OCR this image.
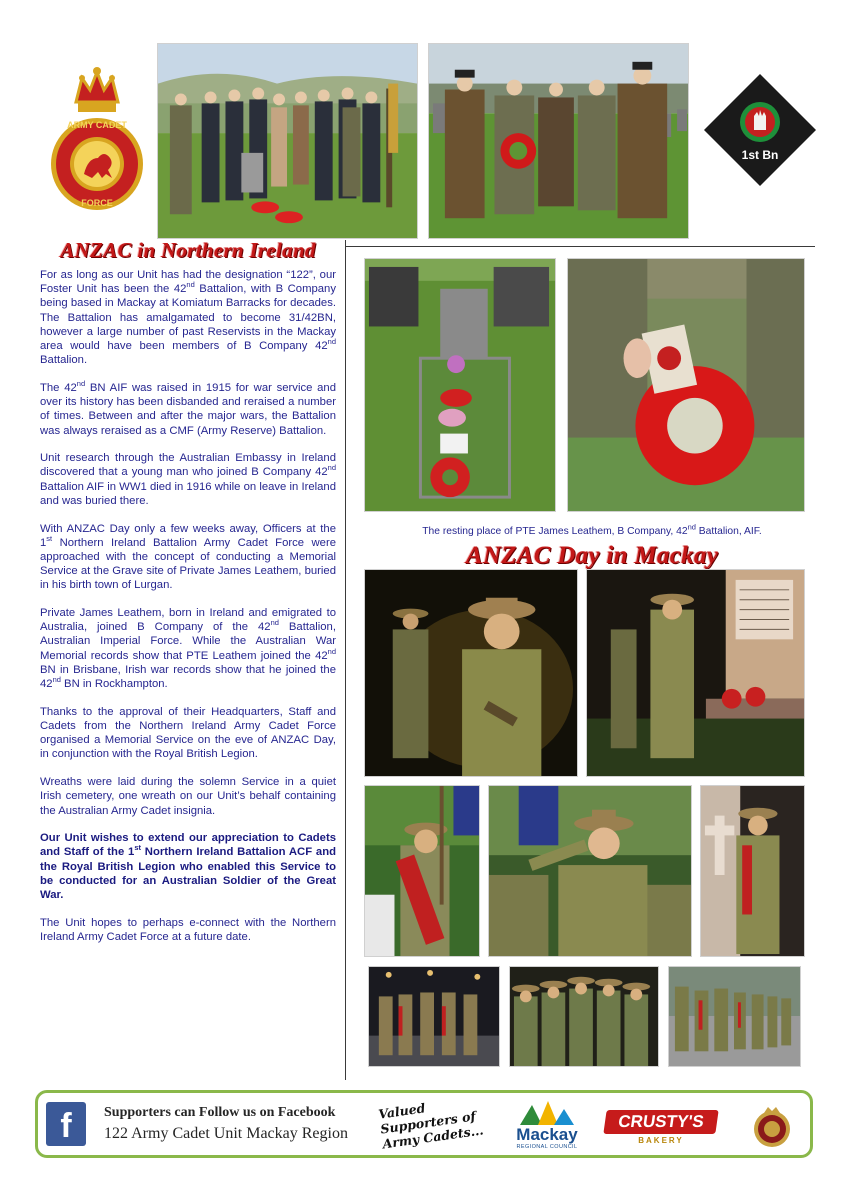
ARMY CADET
FORCE
1st Bn
ANZAC in Northern Ireland

For as long as our Unit has had the designation “122”, our Foster Unit has been the 42nd Battalion, with B Company being based in Mackay at Komiatum Barracks for decades. The Battalion has amalgamated to become 31/42BN, however a large number of past Reservists in the Mackay area would have been members of B Company 42nd Battalion.

The 42nd BN AIF was raised in 1915 for war service and over its history has been disbanded and reraised a number of times. Between and after the major wars, the Battalion was always reraised as a CMF (Army Reserve) Battalion.

Unit research through the Australian Embassy in Ireland discovered that a young man who joined B Company 42nd Battalion AIF in WW1 died in 1916 while on leave in Ireland and was buried there.

With ANZAC Day only a few weeks away, Officers at the 1st Northern Ireland Battalion Army Cadet Force were approached with the concept of conducting a Memorial Service at the Grave site of Private James Leathem, buried in his birth town of Lurgan.

Private James Leathem, born in Ireland and emigrated to Australia, joined B Company of the 42nd Battalion, Australian Imperial Force. While the Australian War Memorial records show that PTE Leathem joined the 42nd BN in Brisbane, Irish war records show that he joined the 42nd BN in Rockhampton.

Thanks to the approval of their Headquarters, Staff and Cadets from the Northern Ireland Army Cadet Force organised a Memorial Service on the eve of ANZAC Day, in conjunction with the Royal British Legion.

Wreaths were laid during the solemn Service in a quiet Irish cemetery, one wreath on our Unit’s behalf containing the Australian Army Cadet insignia.

Our Unit wishes to extend our appreciation to Cadets and Staff of the 1st Northern Ireland Battalion ACF and the Royal British Legion who enabled this Service to be conducted for an Australian Soldier of the Great War.

The Unit hopes to perhaps e-connect with the Northern Ireland Army Cadet Force at a future date.

The resting place of PTE James Leathem, B Company, 42nd Battalion, AIF.
ANZAC Day in Mackay
f	Supporters can Follow us on Facebook
122 Army Cadet Unit Mackay Region
Valued Supporters of Army Cadets...	Mackay
REGIONAL COUNCIL
CRUSTY'S
BAKERY
